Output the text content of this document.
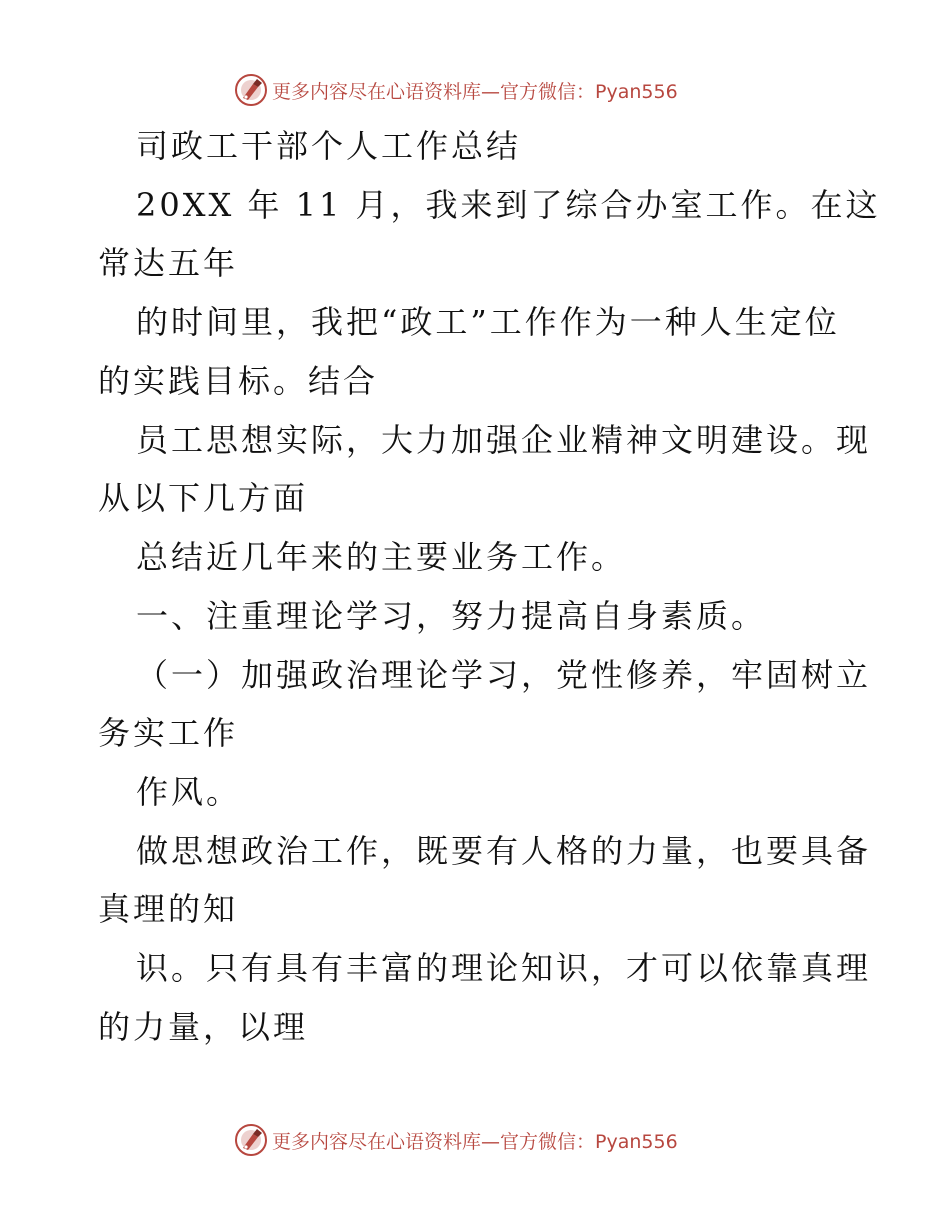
更多内容尽在心语资料库—官方微信：Pyan556
司政工干部个人工作总结
20XX 年 11 月，我来到了综合办室工作。在这
常达五年
的时间里，我把“政工”工作作为一种人生定位
的实践目标。结合
员工思想实际，大力加强企业精神文明建设。现
从以下几方面
总结近几年来的主要业务工作。
一、注重理论学习，努力提高自身素质。
（一）加强政治理论学习，党性修养，牢固树立
务实工作
作风。
做思想政治工作，既要有人格的力量，也要具备
真理的知
识。只有具有丰富的理论知识，才可以依靠真理
的力量，以理
更多内容尽在心语资料库—官方微信：Pyan556
